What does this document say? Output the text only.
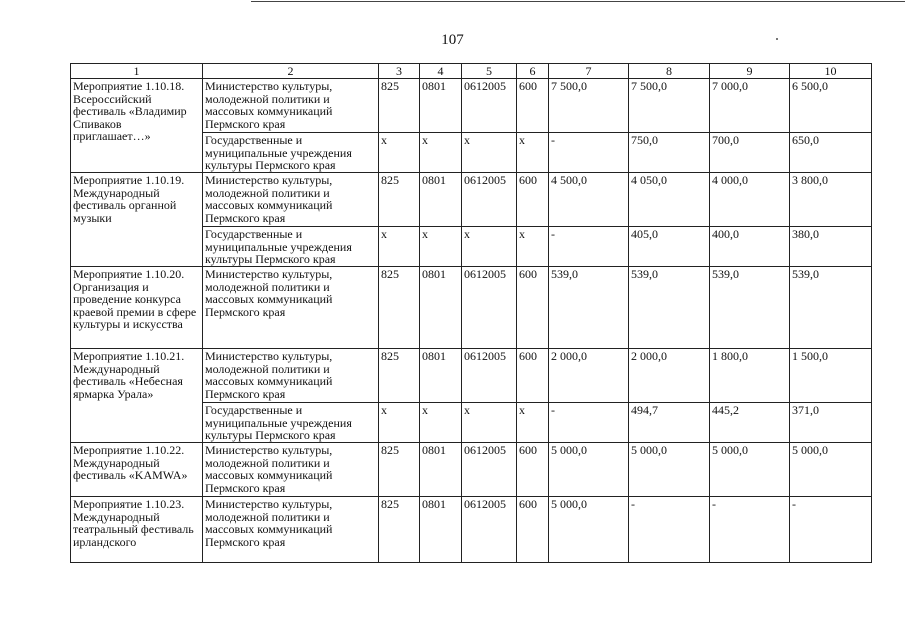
107
1	2	3	4	5	6	7	8	9	10
Мероприятие 1.10.18. Всероссийский фестиваль «Владимир Спиваков приглашает…»	Министерство культуры, молодежной политики и массовых коммуникаций Пермского края	825	0801	0612005	600	7 500,0	7 500,0	7 000,0	6 500,0
	Государственные и муниципальные учреждения культуры Пермского края	x	x	x	x	-	750,0	700,0	650,0
Мероприятие 1.10.19. Международный фестиваль органной музыки	Министерство культуры, молодежной политики и массовых коммуникаций Пермского края	825	0801	0612005	600	4 500,0	4 050,0	4 000,0	3 800,0
	Государственные и муниципальные учреждения культуры Пермского края	x	x	x	x	-	405,0	400,0	380,0
Мероприятие 1.10.20. Организация и проведение конкурса краевой премии в сфере культуры и искусства	Министерство культуры, молодежной политики и массовых коммуникаций Пермского края	825	0801	0612005	600	539,0	539,0	539,0	539,0
Мероприятие 1.10.21. Международный фестиваль «Небесная ярмарка Урала»	Министерство культуры, молодежной политики и массовых коммуникаций Пермского края	825	0801	0612005	600	2 000,0	2 000,0	1 800,0	1 500,0
	Государственные и муниципальные учреждения культуры Пермского края	x	x	x	x	-	494,7	445,2	371,0
Мероприятие 1.10.22. Международный фестиваль «KAMWA»	Министерство культуры, молодежной политики и массовых коммуникаций Пермского края	825	0801	0612005	600	5 000,0	5 000,0	5 000,0	5 000,0
Мероприятие 1.10.23. Международный театральный фестиваль ирландского	Министерство культуры, молодежной политики и массовых коммуникаций Пермского края	825	0801	0612005	600	5 000,0	-	-	-
